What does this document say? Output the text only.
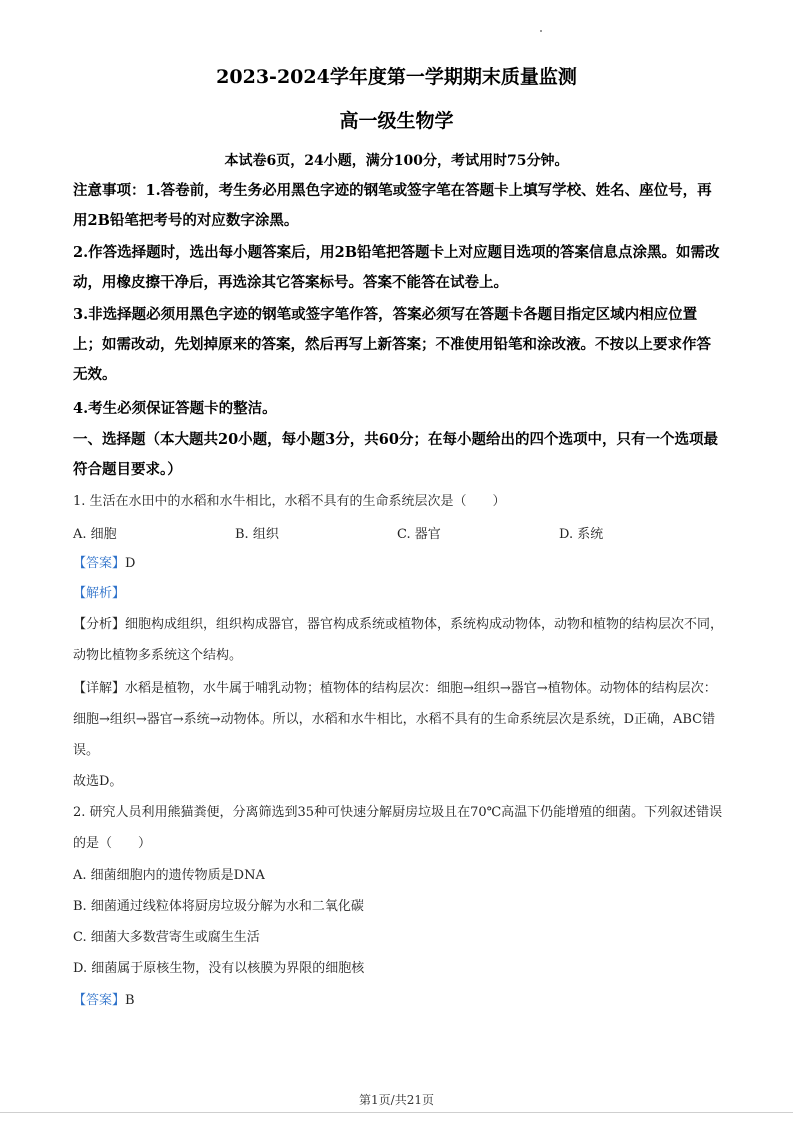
2023-2024学年度第一学期期末质量监测
高一级生物学
本试卷6页，24小题，满分100分，考试用时75分钟。
注意事项：1.答卷前，考生务必用黑色字迹的钢笔或签字笔在答题卡上填写学校、姓名、座位号，再用2B铅笔把考号的对应数字涂黑。
2.作答选择题时，选出每小题答案后，用2B铅笔把答题卡上对应题目选项的答案信息点涂黑。如需改动，用橡皮擦干净后，再选涂其它答案标号。答案不能答在试卷上。
3.非选择题必须用黑色字迹的钢笔或签字笔作答，答案必须写在答题卡各题目指定区域内相应位置上；如需改动，先划掉原来的答案，然后再写上新答案；不准使用铅笔和涂改液。不按以上要求作答无效。
4.考生必须保证答题卡的整洁。
一、选择题（本大题共20小题，每小题3分，共60分；在每小题给出的四个选项中，只有一个选项最符合题目要求。）
1. 生活在水田中的水稻和水牛相比，水稻不具有的生命系统层次是（　　）
A. 细胞	B. 组织	C. 器官	D. 系统
【答案】D
【解析】
【分析】细胞构成组织，组织构成器官，器官构成系统或植物体，系统构成动物体，动物和植物的结构层次不同，动物比植物多系统这个结构。
【详解】水稻是植物，水牛属于哺乳动物；植物体的结构层次：细胞→组织→器官→植物体。动物体的结构层次：细胞→组织→器官→系统→动物体。所以，水稻和水牛相比，水稻不具有的生命系统层次是系统，D正确，ABC错误。
故选D。
2. 研究人员利用熊猫粪便，分离筛选到35种可快速分解厨房垃圾且在70℃高温下仍能增殖的细菌。下列叙述错误的是（　　）
A. 细菌细胞内的遗传物质是DNA
B. 细菌通过线粒体将厨房垃圾分解为水和二氧化碳
C. 细菌大多数营寄生或腐生生活
D. 细菌属于原核生物，没有以核膜为界限的细胞核
【答案】B
第1页/共21页
